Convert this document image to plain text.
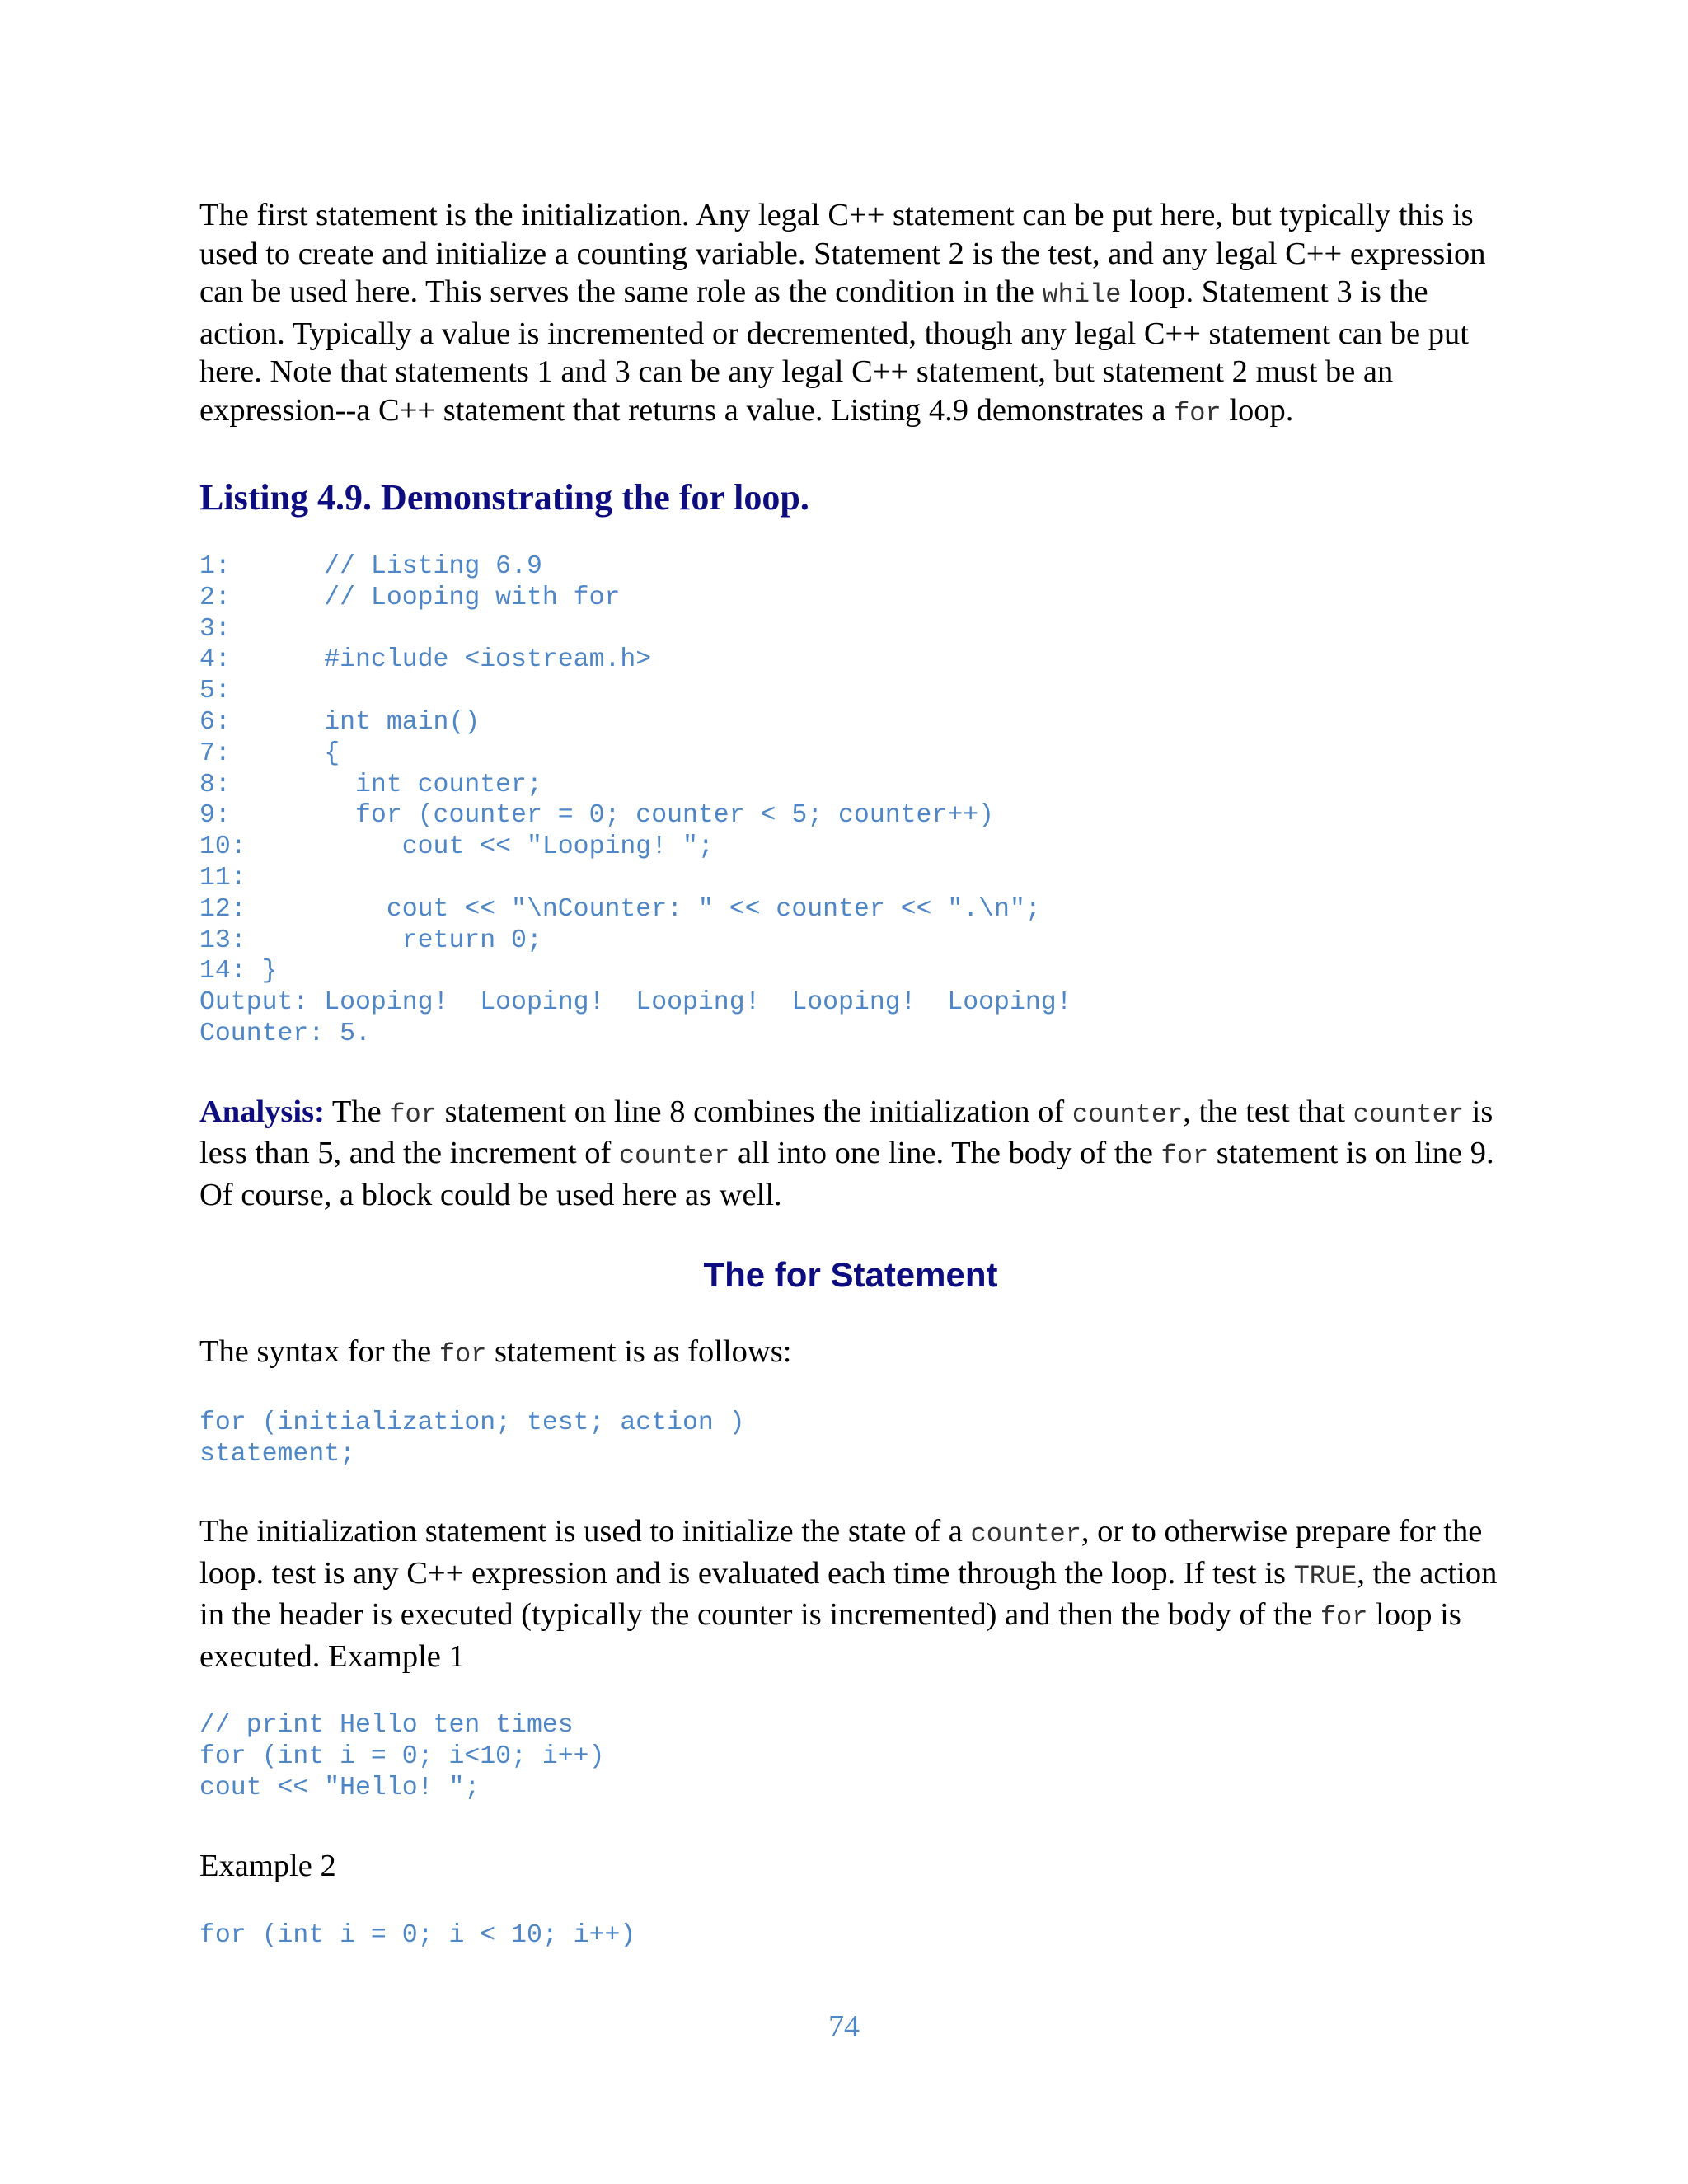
The first statement is the initialization. Any legal C++ statement can be put here, but typically this is used to create and initialize a counting variable. Statement 2 is the test, and any legal C++ expression can be used here. This serves the same role as the condition in the while loop. Statement 3 is the action. Typically a value is incremented or decremented, though any legal C++ statement can be put here. Note that statements 1 and 3 can be any legal C++ statement, but statement 2 must be an expression--a C++ statement that returns a value. Listing 4.9 demonstrates a for loop.

Listing 4.9. Demonstrating the for loop.
1:      // Listing 6.9
2:      // Looping with for
3:
4:      #include <iostream.h>
5:
6:      int main()
7:      {
8:        int counter;
9:        for (counter = 0; counter < 5; counter++)
10:          cout << "Looping! ";
11:
12:         cout << "\nCounter: " << counter << ".\n";
13:          return 0;
14: }
Output: Looping!  Looping!  Looping!  Looping!  Looping!
Counter: 5.

Analysis: The for statement on line 8 combines the initialization of counter, the test that counter is less than 5, and the increment of counter all into one line. The body of the for statement is on line 9. Of course, a block could be used here as well.

The for Statement

The syntax for the for statement is as follows:

for (initialization; test; action )
statement;

The initialization statement is used to initialize the state of a counter, or to otherwise prepare for the loop. test is any C++ expression and is evaluated each time through the loop. If test is TRUE, the action in the header is executed (typically the counter is incremented) and then the body of the for loop is executed. Example 1

// print Hello ten times
for (int i = 0; i<10; i++)
cout << "Hello! ";

Example 2

for (int i = 0; i < 10; i++)
74
